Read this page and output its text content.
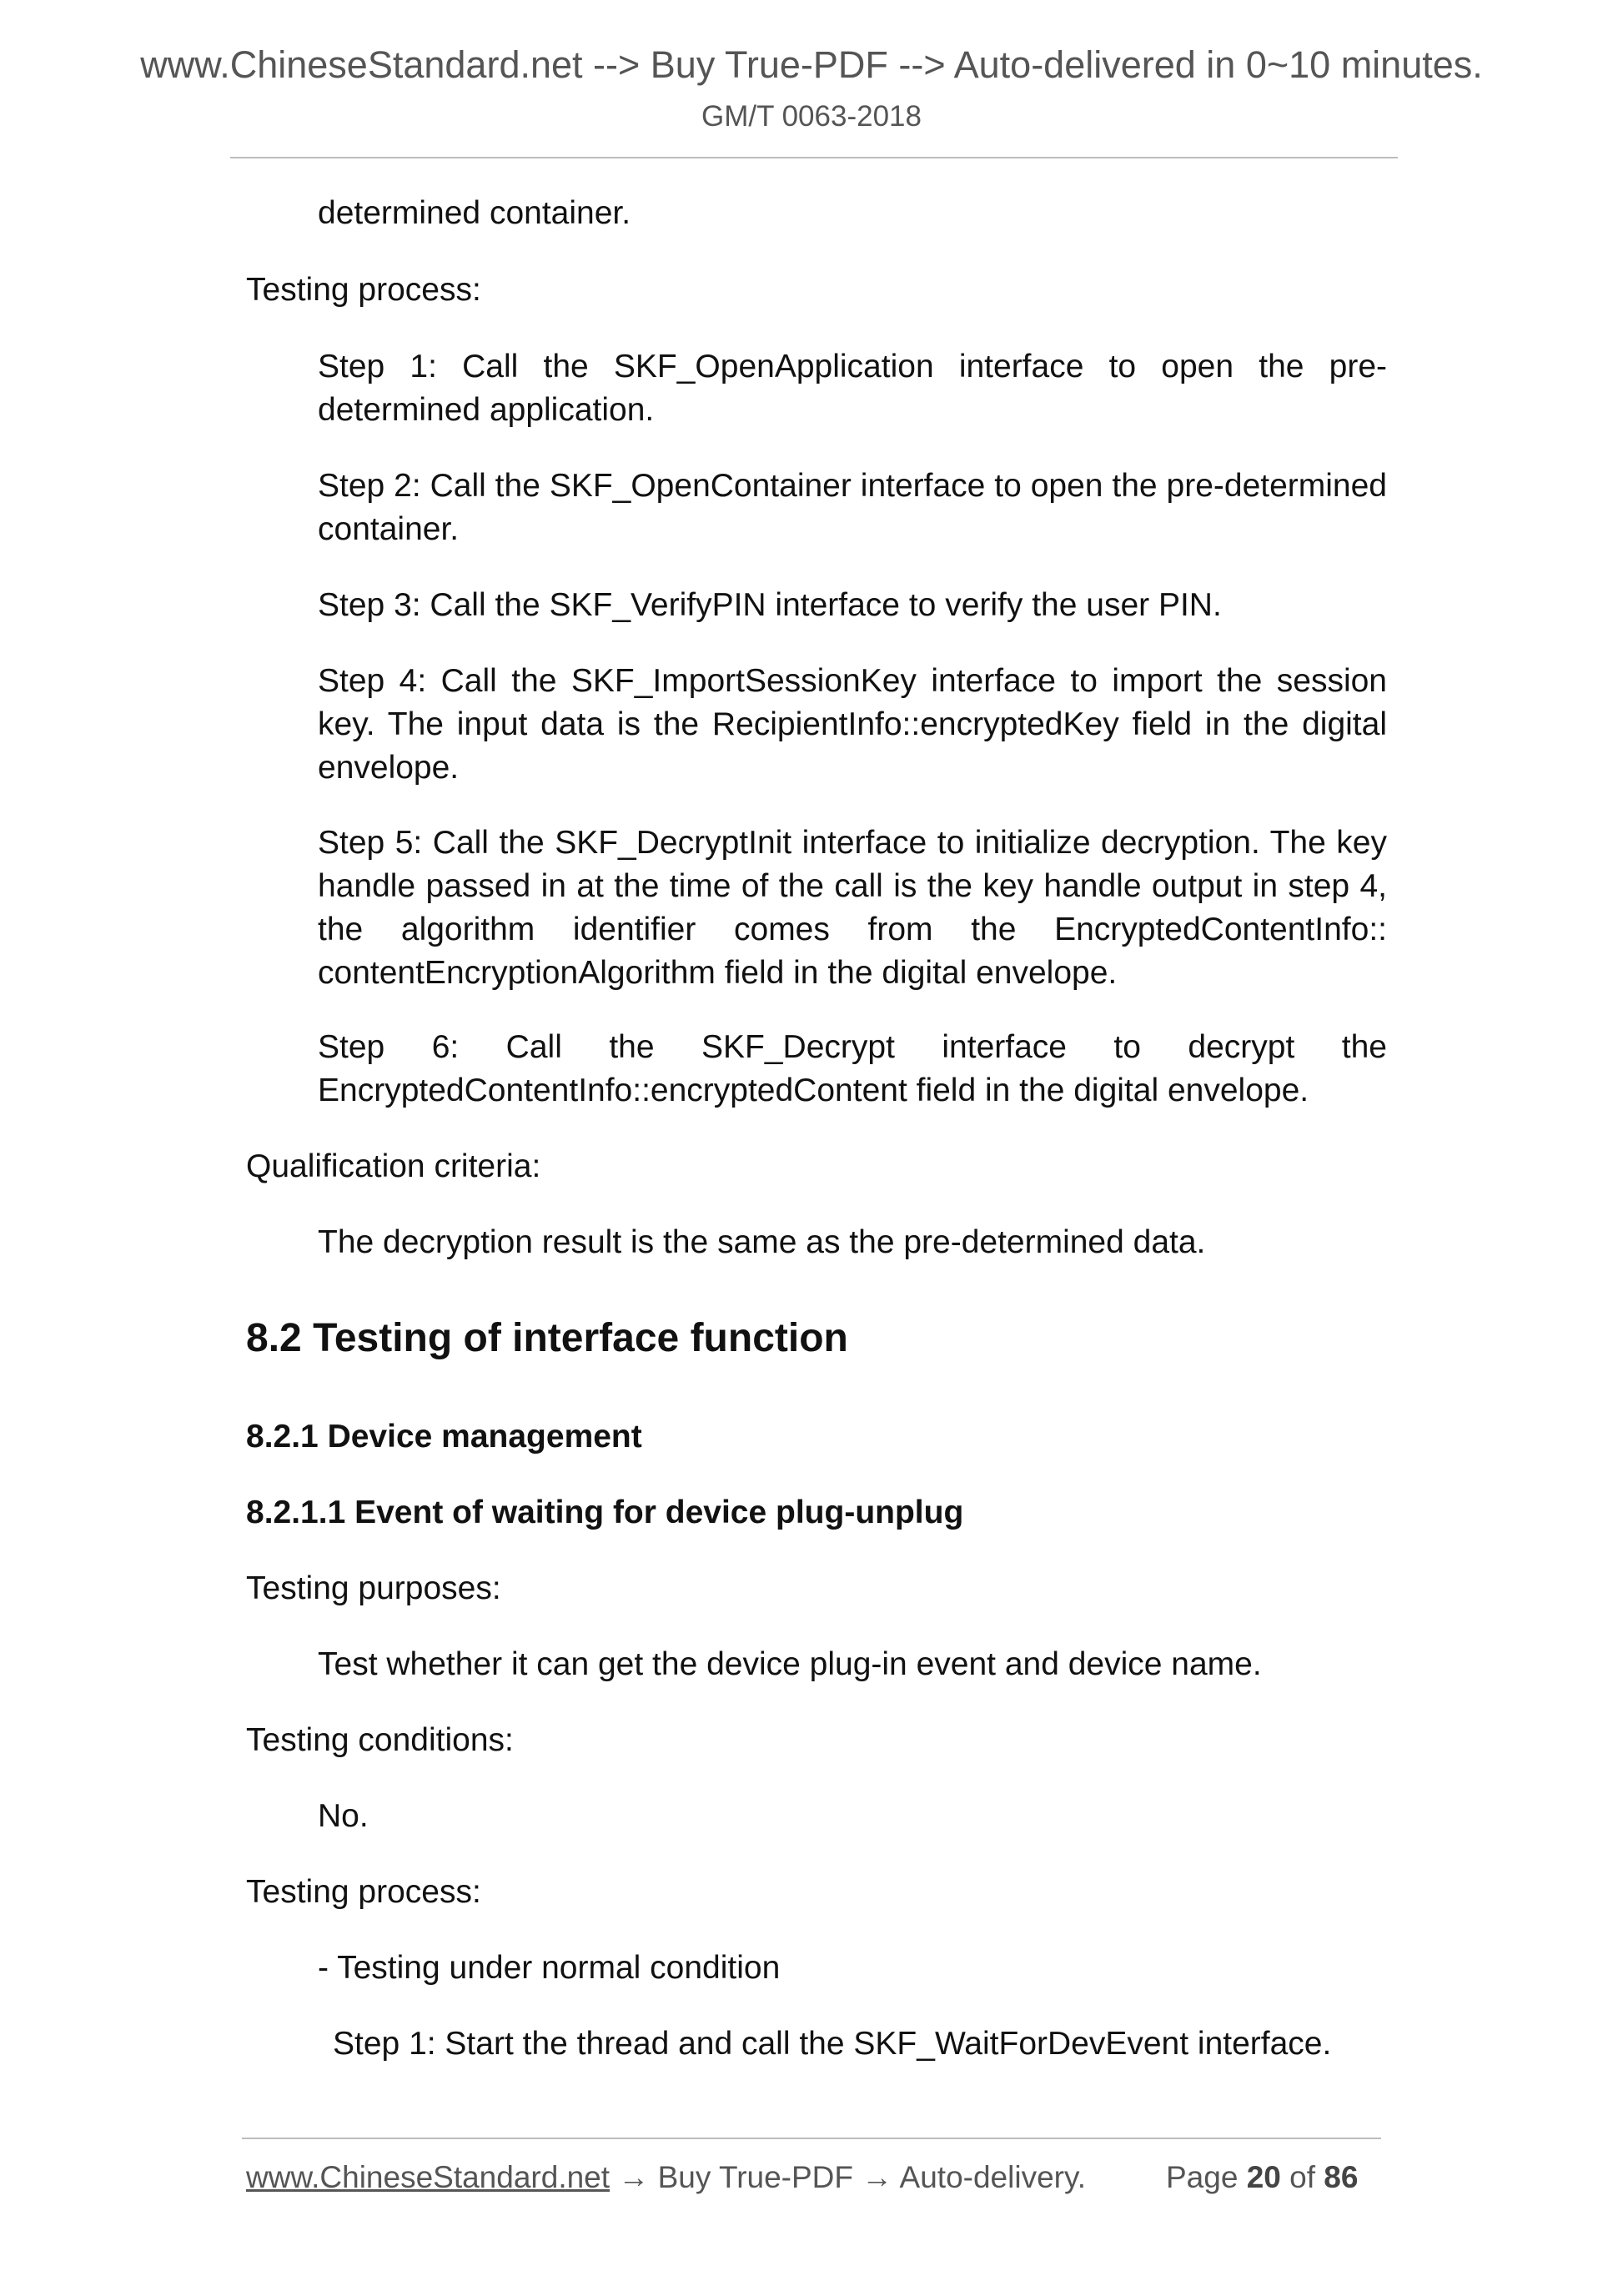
www.ChineseStandard.net --> Buy True-PDF --> Auto-delivered in 0~10 minutes.
GM/T 0063-2018
determined container.
Testing process:
Step 1: Call the SKF_OpenApplication interface to open the pre-determined application.
Step 2: Call the SKF_OpenContainer interface to open the pre-determined container.
Step 3: Call the SKF_VerifyPIN interface to verify the user PIN.
Step 4: Call the SKF_ImportSessionKey interface to import the session key. The input data is the RecipientInfo::encryptedKey field in the digital envelope.
Step 5: Call the SKF_DecryptInit interface to initialize decryption. The key handle passed in at the time of the call is the key handle output in step 4, the algorithm identifier comes from the EncryptedContentInfo:: contentEncryptionAlgorithm field in the digital envelope.
Step 6: Call the SKF_Decrypt interface to decrypt the EncryptedContentInfo::encryptedContent field in the digital envelope.
Qualification criteria:
The decryption result is the same as the pre-determined data.
8.2 Testing of interface function
8.2.1 Device management
8.2.1.1 Event of waiting for device plug-unplug
Testing purposes:
Test whether it can get the device plug-in event and device name.
Testing conditions:
No.
Testing process:
- Testing under normal condition
Step 1: Start the thread and call the SKF_WaitForDevEvent interface.
www.ChineseStandard.net → Buy True-PDF → Auto-delivery.	Page 20 of 86
